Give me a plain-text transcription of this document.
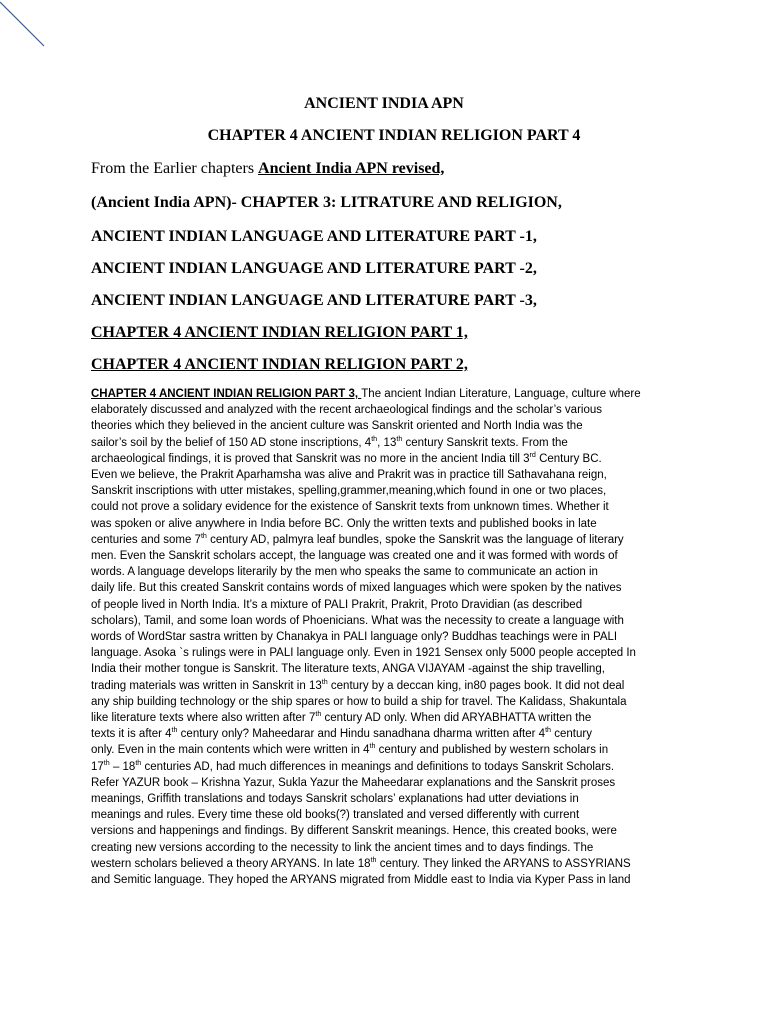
ANCIENT INDIA APN
CHAPTER 4 ANCIENT INDIAN RELIGION PART 4
From the Earlier chapters Ancient India APN revised,
(Ancient India APN)- CHAPTER 3: LITRATURE AND RELIGION,
ANCIENT INDIAN LANGUAGE AND LITERATURE PART -1,
ANCIENT INDIAN LANGUAGE AND LITERATURE PART -2,
ANCIENT INDIAN LANGUAGE AND LITERATURE PART -3,
CHAPTER 4 ANCIENT INDIAN RELIGION PART 1,
CHAPTER 4 ANCIENT INDIAN RELIGION PART 2,
CHAPTER 4 ANCIENT INDIAN RELIGION PART 3, The ancient Indian Literature, Language, culture where
elaborately discussed and analyzed with the recent archaeological findings and the scholar’s various
theories which they believed in the ancient culture was Sanskrit oriented and North India was the
sailor’s soil by the belief of 150 AD stone inscriptions, 4th, 13th century Sanskrit texts. From the
archaeological findings, it is proved that Sanskrit was no more in the ancient India till 3rd Century BC.
Even we believe, the Prakrit Aparhamsha was alive and Prakrit was in practice till Sathavahana reign,
Sanskrit inscriptions with utter mistakes, spelling,grammer,meaning,which found in one or two places,
could not prove a solidary evidence for the existence of Sanskrit texts from unknown times. Whether it
was spoken or alive anywhere in India before BC. Only the written texts and published books in late
centuries and some 7th century AD, palmyra leaf bundles, spoke the Sanskrit was the language of literary
men. Even the Sanskrit scholars accept, the language was created one and it was formed with words of
words. A language develops literarily by the men who speaks the same to communicate an action in
daily life. But this created Sanskrit contains words of mixed languages which were spoken by the natives
of people lived in North India. It’s a mixture of PALI Prakrit, Prakrit, Proto Dravidian (as described
scholars), Tamil, and some loan words of Phoenicians. What was the necessity to create a language with
words of WordStar sastra written by Chanakya in PALI language only? Buddhas teachings were in PALI
language. Asoka `s rulings were in PALI language only. Even in 1921 Sensex only 5000 people accepted In
India their mother tongue is Sanskrit. The literature texts, ANGA VIJAYAM -against the ship travelling,
trading materials was written in Sanskrit in 13th century by a deccan king, in80 pages book. It did not deal
any ship building technology or the ship spares or how to build a ship for travel. The Kalidass, Shakuntala
like literature texts where also written after 7th century AD only. When did ARYABHATTA written the
texts it is after 4th century only? Maheedarar and Hindu sanadhana dharma written after 4th century
only. Even in the main contents which were written in 4th century and published by western scholars in
17th – 18th centuries AD, had much differences in meanings and definitions to todays Sanskrit Scholars.
Refer YAZUR book – Krishna Yazur, Sukla Yazur the Maheedarar explanations and the Sanskrit proses
meanings, Griffith translations and todays Sanskrit scholars’ explanations had utter deviations in
meanings and rules. Every time these old books(?) translated and versed differently with current
versions and happenings and findings. By different Sanskrit meanings. Hence, this created books, were
creating new versions according to the necessity to link the ancient times and to days findings. The
western scholars believed a theory ARYANS. In late 18th century. They linked the ARYANS to ASSYRIANS
and Semitic language. They hoped the ARYANS migrated from Middle east to India via Kyper Pass in land
